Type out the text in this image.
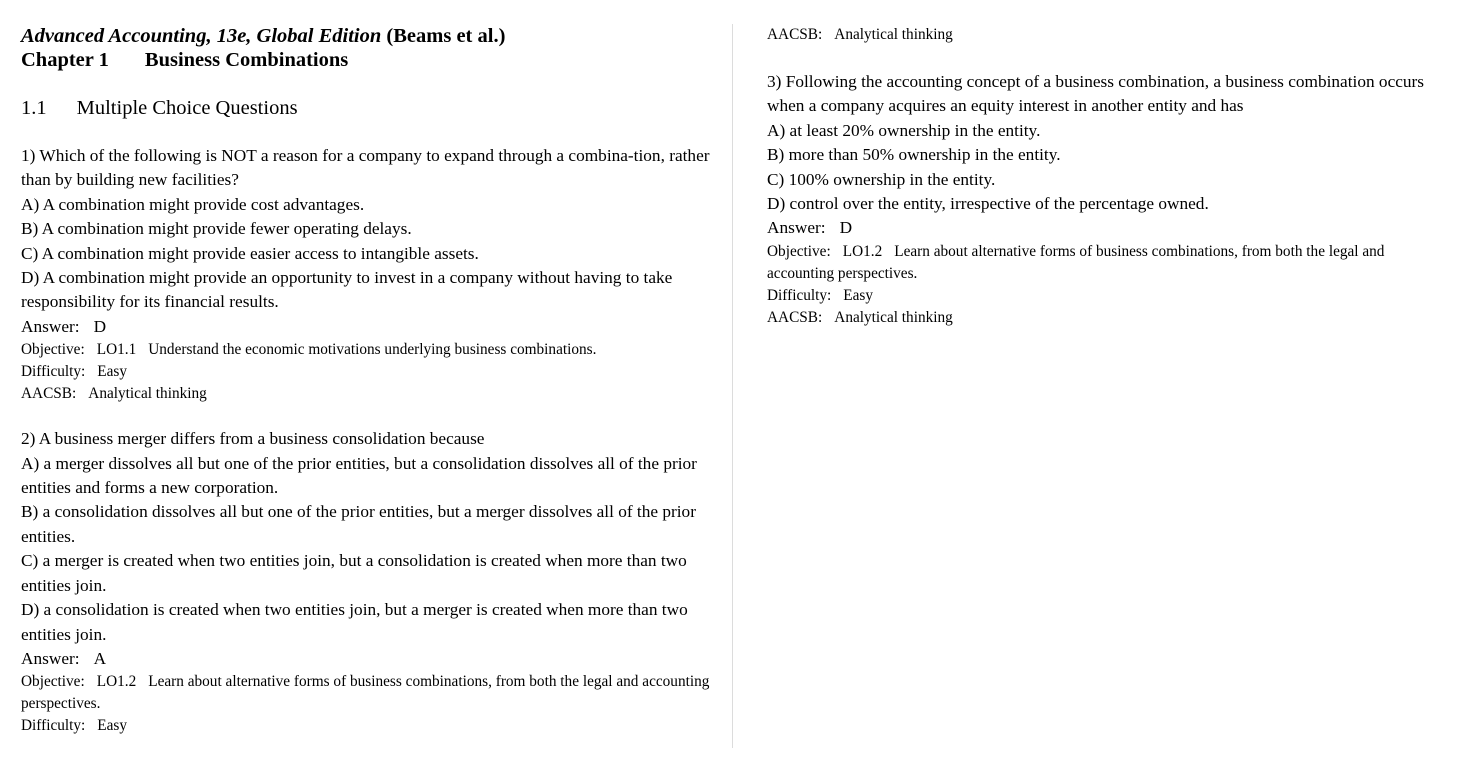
Advanced Accounting, 13e, Global Edition (Beams et al.)

Chapter 1 Business Combinations

1.1 Multiple Choice Questions

1) Which of the following is NOT a reason for a company to expand through a combina-tion, rather than by building new facilities?

A) A combination might provide cost advantages.

B) A combination might provide fewer operating delays.

C) A combination might provide easier access to intangible assets.

D) A combination might provide an opportunity to invest in a company without having to take responsibility for its financial results.

Answer: D

Objective: LO1.1 Understand the economic motivations underlying business combinations.

Difficulty: Easy

AACSB: Analytical thinking

2) A business merger differs from a business consolidation because

A) a merger dissolves all but one of the prior entities, but a consolidation dissolves all of the prior entities and forms a new corporation.

B) a consolidation dissolves all but one of the prior entities, but a merger dissolves all of the prior entities.

C) a merger is created when two entities join, but a consolidation is created when more than two entities join.

D) a consolidation is created when two entities join, but a merger is created when more than two entities join.

Answer: A

Objective: LO1.2 Learn about alternative forms of business combinations, from both the legal and accounting perspectives.

Difficulty: Easy

AACSB: Analytical thinking

3) Following the accounting concept of a business combination, a business combination occurs when a company acquires an equity interest in another entity and has

A) at least 20% ownership in the entity.

B) more than 50% ownership in the entity.

C) 100% ownership in the entity.

D) control over the entity, irrespective of the percentage owned.

Answer: D

Objective: LO1.2 Learn about alternative forms of business combinations, from both the legal and accounting perspectives.

Difficulty: Easy

AACSB: Analytical thinking
